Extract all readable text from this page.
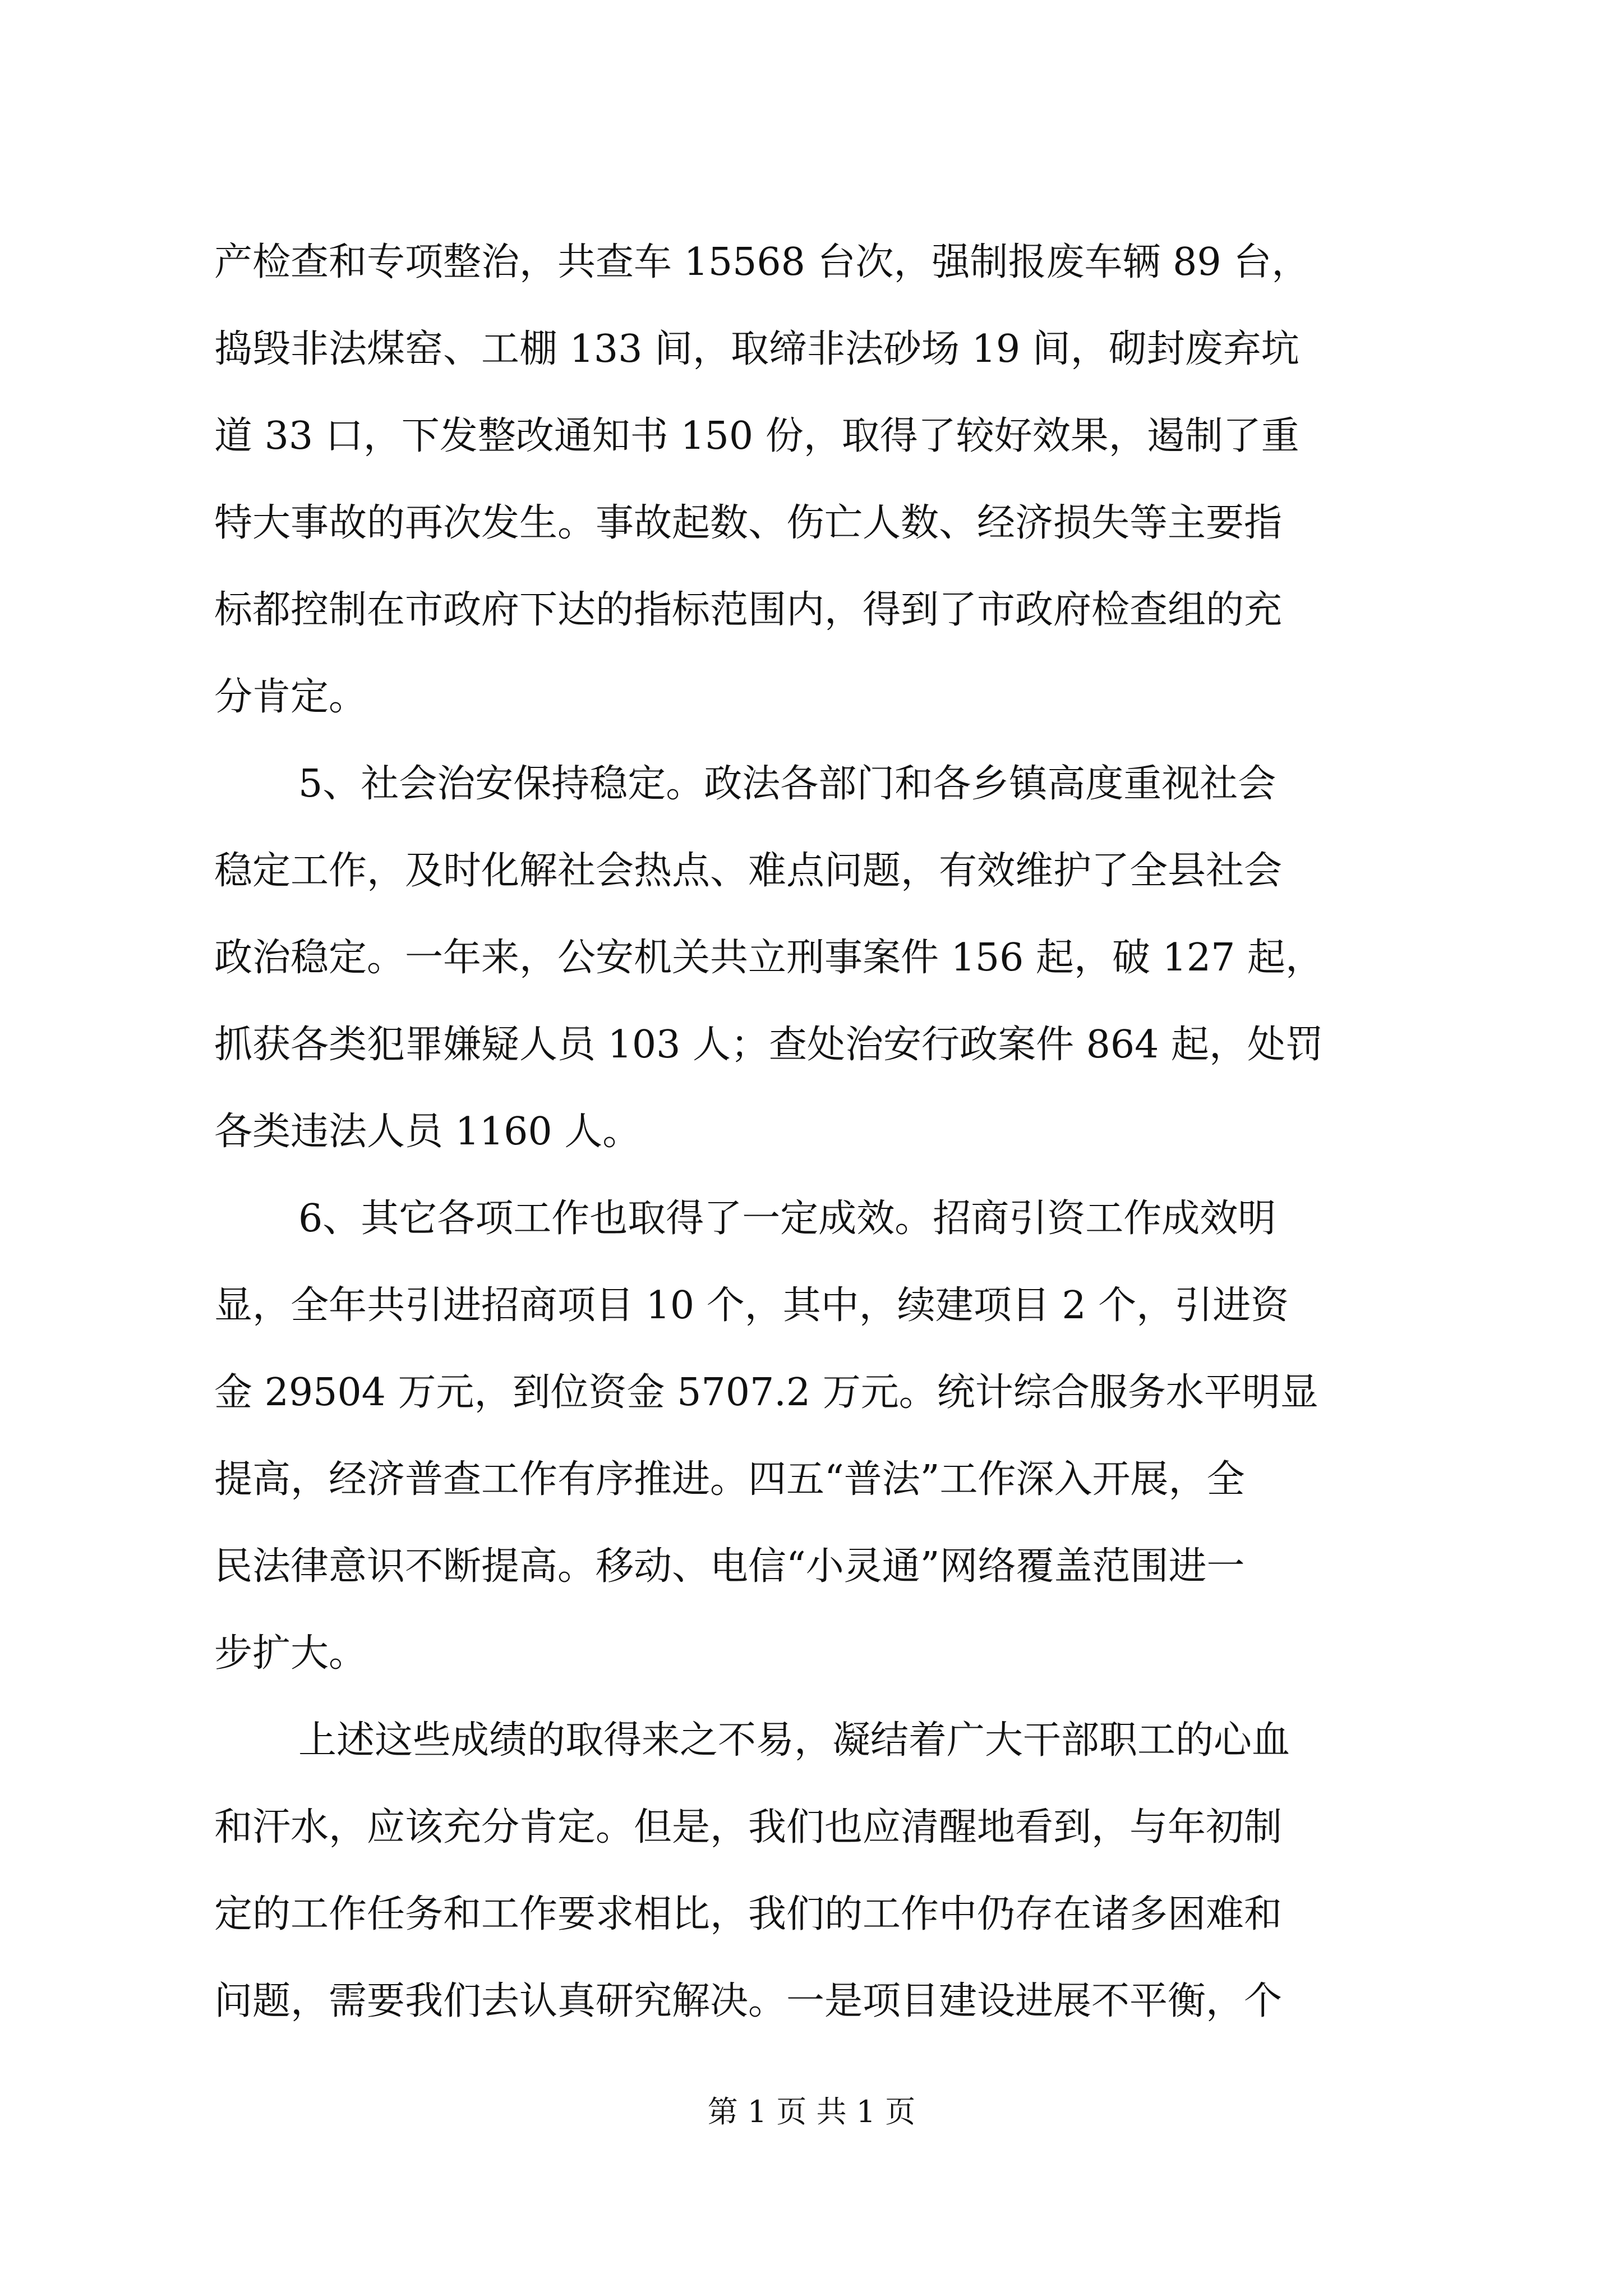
产检查和专项整治，共查车 15568 台次，强制报废车辆 89 台，
捣毁非法煤窑、工棚 133 间，取缔非法砂场 19 间，砌封废弃坑
道 33 口，下发整改通知书 150 份，取得了较好效果，遏制了重
特大事故的再次发生。事故起数、伤亡人数、经济损失等主要指
标都控制在市政府下达的指标范围内，得到了市政府检查组的充
分肯定。
5、社会治安保持稳定。政法各部门和各乡镇高度重视社会
稳定工作，及时化解社会热点、难点问题，有效维护了全县社会
政治稳定。一年来，公安机关共立刑事案件 156 起，破 127 起，
抓获各类犯罪嫌疑人员 103 人；查处治安行政案件 864 起，处罚
各类违法人员 1160 人。
6、其它各项工作也取得了一定成效。招商引资工作成效明
显，全年共引进招商项目 10 个，其中，续建项目 2 个，引进资
金 29504 万元，到位资金 5707.2 万元。统计综合服务水平明显
提高，经济普查工作有序推进。四五“普法”工作深入开展，全
民法律意识不断提高。移动、电信“小灵通”网络覆盖范围进一
步扩大。
上述这些成绩的取得来之不易，凝结着广大干部职工的心血
和汗水，应该充分肯定。但是，我们也应清醒地看到，与年初制
定的工作任务和工作要求相比，我们的工作中仍存在诸多困难和
问题，需要我们去认真研究解决。一是项目建设进展不平衡，个
第 1 页 共 1 页
